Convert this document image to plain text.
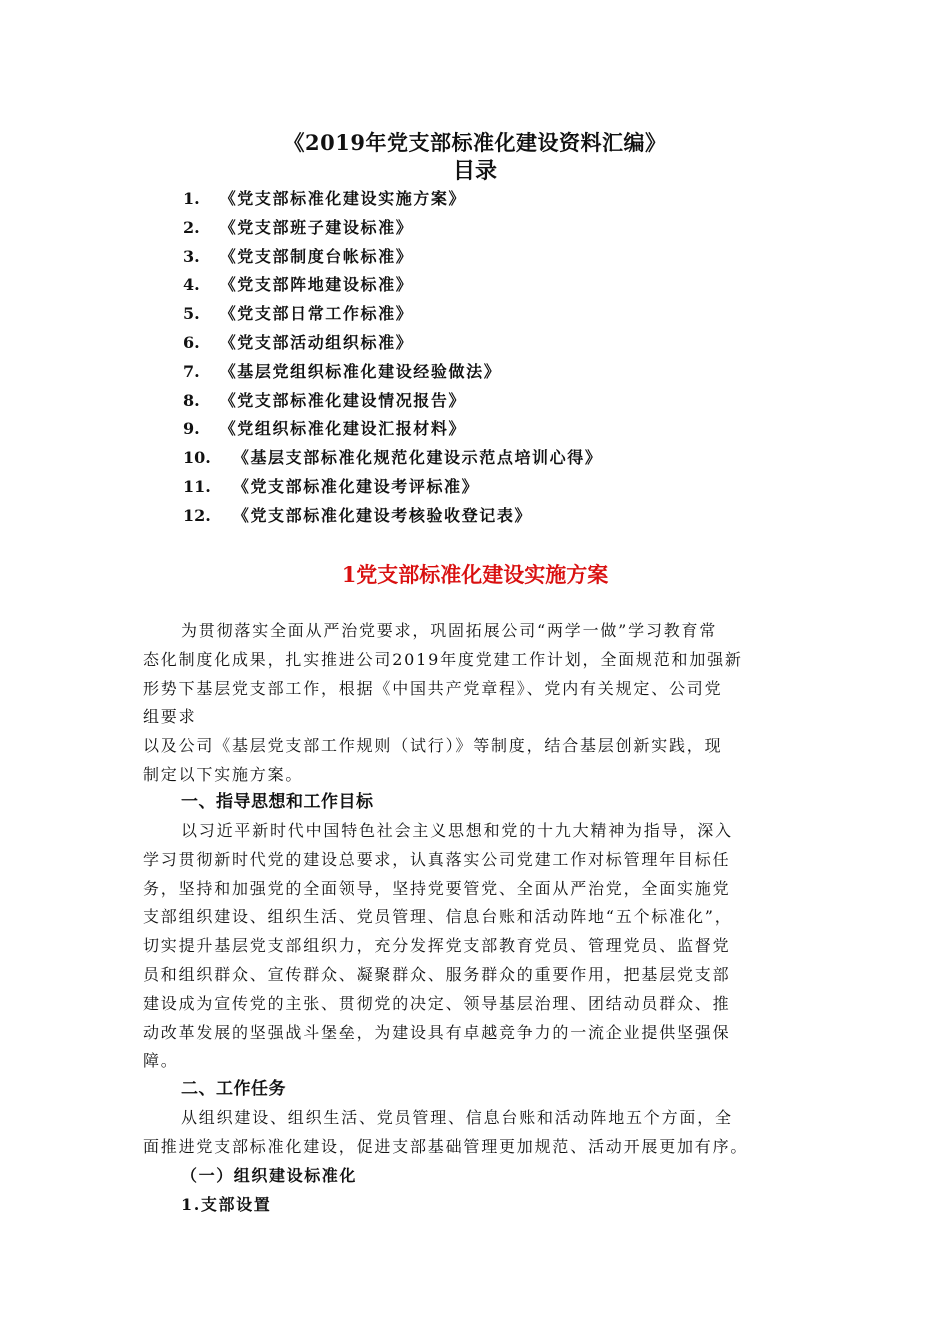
《2019年党支部标准化建设资料汇编》
目录
1. 《党支部标准化建设实施方案》
2. 《党支部班子建设标准》
3. 《党支部制度台帐标准》
4. 《党支部阵地建设标准》
5. 《党支部日常工作标准》
6. 《党支部活动组织标准》
7. 《基层党组织标准化建设经验做法》
8. 《党支部标准化建设情况报告》
9. 《党组织标准化建设汇报材料》
10. 《基层支部标准化规范化建设示范点培训心得》
11. 《党支部标准化建设考评标准》
12. 《党支部标准化建设考核验收登记表》
1党支部标准化建设实施方案
为贯彻落实全面从严治党要求，巩固拓展公司“两学一做”学习教育常
态化制度化成果，扎实推进公司2019年度党建工作计划，全面规范和加强新
形势下基层党支部工作，根据《中国共产党章程》、党内有关规定、公司党
组要求
以及公司《基层党支部工作规则（试行）》等制度，结合基层创新实践，现
制定以下实施方案。
一、指导思想和工作目标
以习近平新时代中国特色社会主义思想和党的十九大精神为指导，深入
学习贯彻新时代党的建设总要求，认真落实公司党建工作对标管理年目标任
务，坚持和加强党的全面领导，坚持党要管党、全面从严治党，全面实施党
支部组织建设、组织生活、党员管理、信息台账和活动阵地“五个标准化”，
切实提升基层党支部组织力，充分发挥党支部教育党员、管理党员、监督党
员和组织群众、宣传群众、凝聚群众、服务群众的重要作用，把基层党支部
建设成为宣传党的主张、贯彻党的决定、领导基层治理、团结动员群众、推
动改革发展的坚强战斗堡垒，为建设具有卓越竞争力的一流企业提供坚强保
障。
二、工作任务
从组织建设、组织生活、党员管理、信息台账和活动阵地五个方面，全
面推进党支部标准化建设，促进支部基础管理更加规范、活动开展更加有序。
（一）组织建设标准化
1.支部设置
